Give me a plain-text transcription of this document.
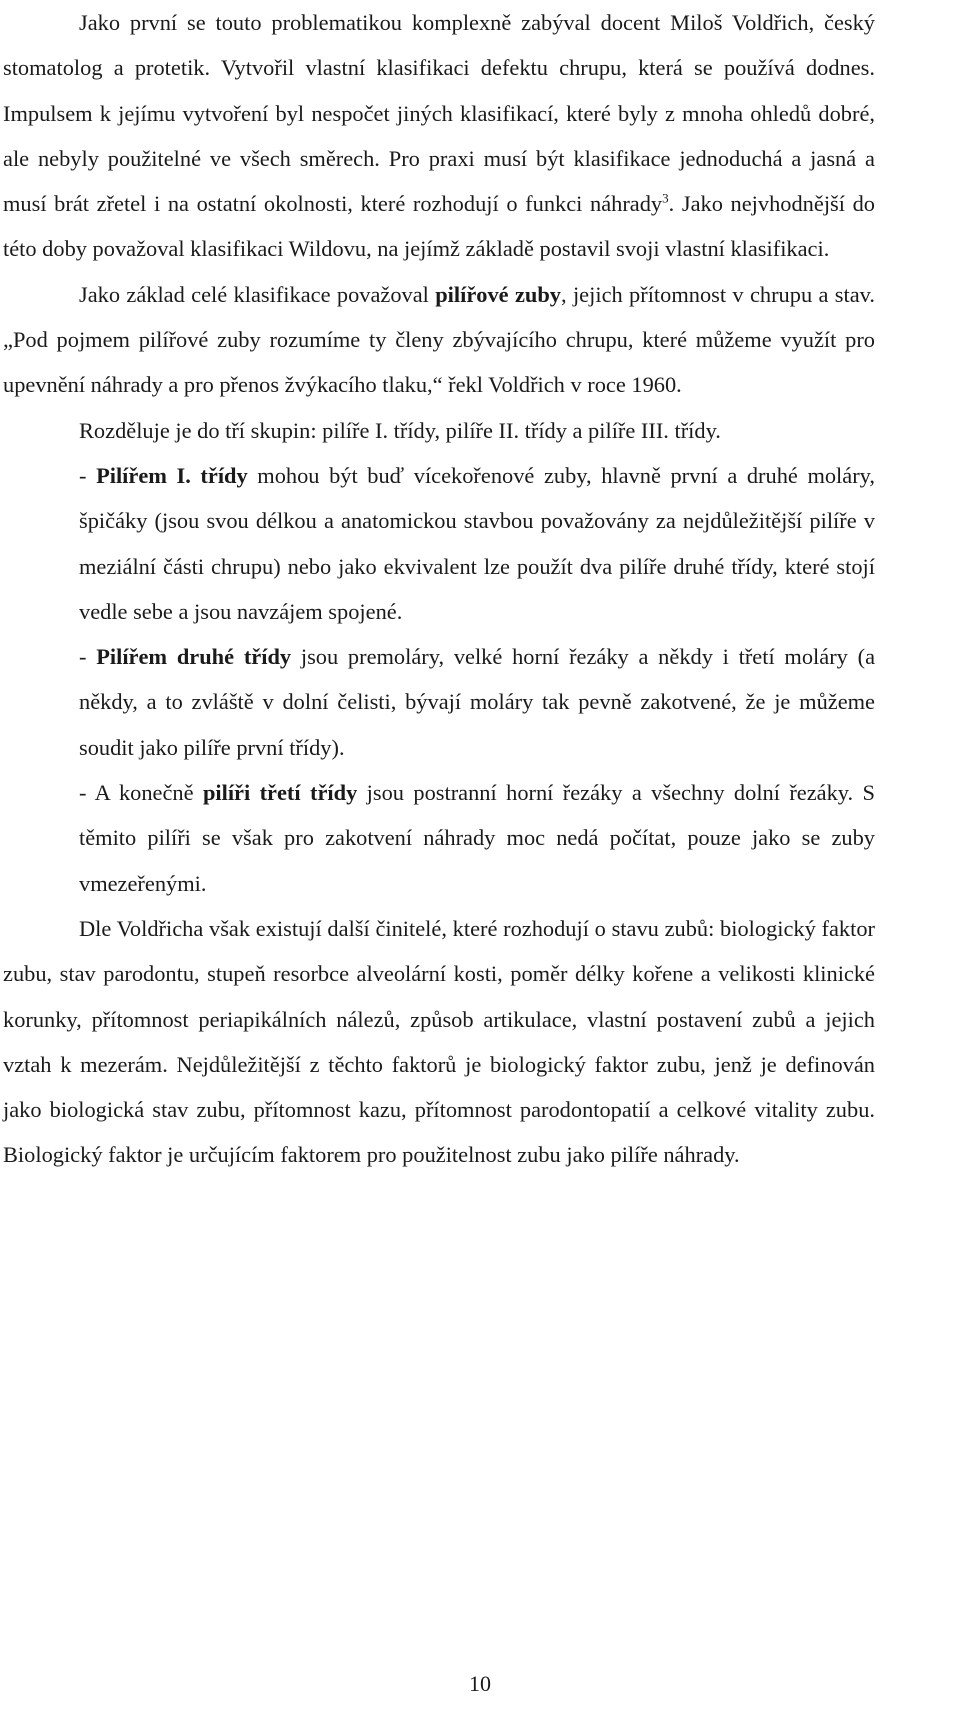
Jako první se touto problematikou komplexně zabýval docent Miloš Voldřich, český stomatolog a protetik. Vytvořil vlastní klasifikaci defektu chrupu, která se používá dodnes. Impulsem k jejímu vytvoření byl nespočet jiných klasifikací, které byly z mnoha ohledů dobré, ale nebyly použitelné ve všech směrech. Pro praxi musí být klasifikace jednoduchá a jasná a musí brát zřetel i na ostatní okolnosti, které rozhodují o funkci náhrady$^3$. Jako nejvhodnější do této doby považoval klasifikaci Wildovu, na jejímž základě postavil svoji vlastní klasifikaci.

Jako základ celé klasifikace považoval pilířové zuby, jejich přítomnost v chrupu a stav. „Pod pojmem pilířové zuby rozumíme ty členy zbývajícího chrupu, které můžeme využít pro upevnění náhrady a pro přenos žvýkacího tlaku,“ řekl Voldřich v roce 1960.

Rozděluje je do tří skupin: pilíře I. třídy, pilíře II. třídy a pilíře III. třídy.

- Pilířem I. třídy mohou být buď vícekořenové zuby, hlavně první a druhé moláry, špičáky (jsou svou délkou a anatomickou stavbou považovány za nejdůležitější pilíře v meziální části chrupu) nebo jako ekvivalent lze použít dva pilíře druhé třídy, které stojí vedle sebe a jsou navzájem spojené.

- Pilířem druhé třídy jsou premoláry, velké horní řezáky a někdy i třetí moláry (a někdy, a to zvláště v dolní čelisti, bývají moláry tak pevně zakotvené, že je můžeme soudit jako pilíře první třídy).

- A konečně pilíři třetí třídy jsou postranní horní řezáky a všechny dolní řezáky. S těmito pilíři se však pro zakotvení náhrady moc nedá počítat, pouze jako se zuby vmezeřenými.

Dle Voldřicha však existují další činitelé, které rozhodují o stavu zubů: biologický faktor zubu, stav parodontu, stupeň resorbce alveolární kosti, poměr délky kořene a velikosti klinické korunky, přítomnost periapikálních nálezů, způsob artikulace, vlastní postavení zubů a jejich vztah k mezerám. Nejdůležitější z těchto faktorů je biologický faktor zubu, jenž je definován jako biologická stav zubu, přítomnost kazu, přítomnost parodontopatií a celkové vitality zubu. Biologický faktor je určujícím faktorem pro použitelnost zubu jako pilíře náhrady.

10
